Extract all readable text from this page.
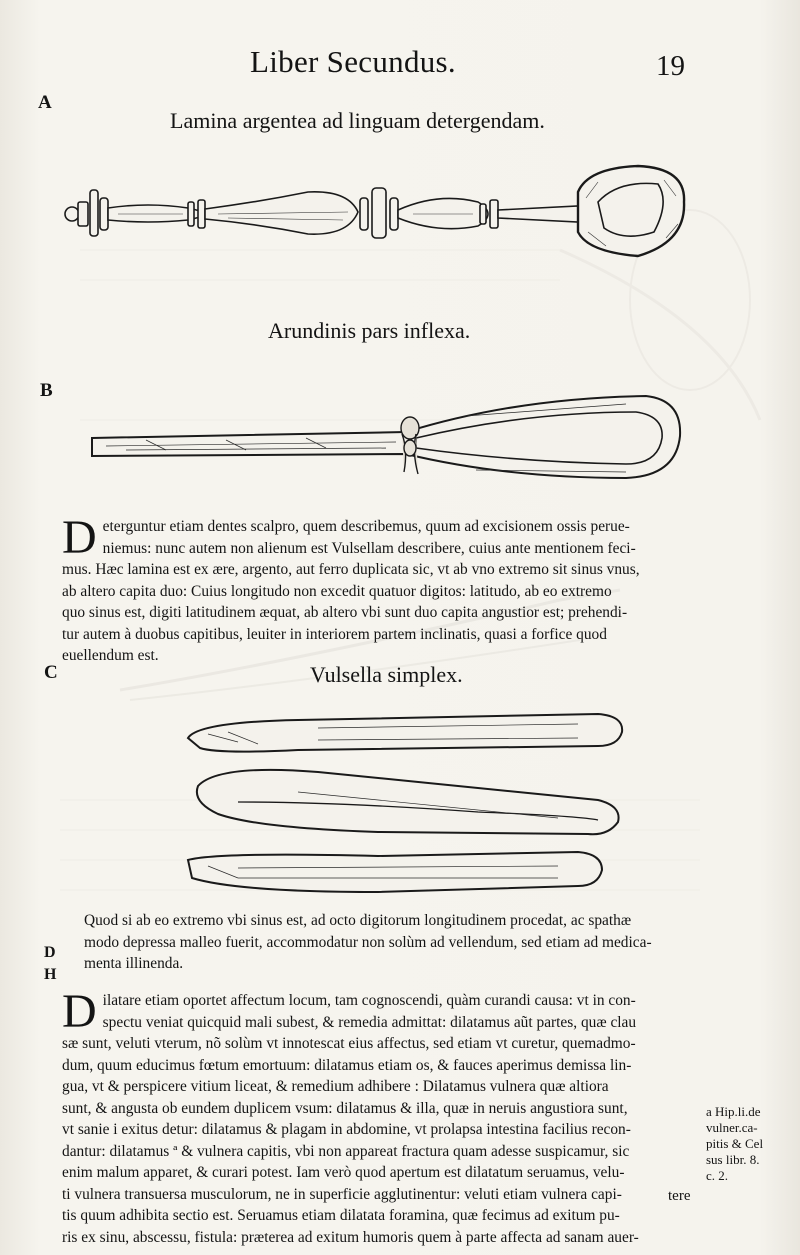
Liber Secundus.	19
A
Lamina argentea ad linguam detergendam.
Arundinis pars inflexa.
B
D eterguntur etiam dentes scalpro, quem describemus, quum ad excisionem ossis perue-
niemus: nunc autem non alienum est Vulsellam describere, cuius ante mentionem feci-
mus. Hæc lamina est ex ære, argento, aut ferro duplicata sic, vt ab vno extremo sit sinus vnus,
ab altero capita duo: Cuius longitudo non excedit quatuor digitos: latitudo, ab eo extremo
quo sinus est, digiti latitudinem æquat, ab altero vbi sunt duo capita angustior est; prehendi-
tur autem à duobus capitibus, leuiter in interiorem partem inclinatis, quasi a forfice quod
euellendum est.
C	Vulsella simplex.
Quod si ab eo extremo vbi sinus est, ad octo digitorum longitudinem procedat, ac spathæ
modo depressa malleo fuerit, accommodatur non solùm ad vellendum, sed etiam ad medica-
menta illinenda.
D
H
D ilatare etiam oportet affectum locum, tam cognoscendi, quàm curandi causa: vt in con-
spectu veniat quicquid mali subest, & remedia admittat: dilatamus aũt partes, quæ clau
sæ sunt, veluti vterum, nõ solùm vt innotescat eius affectus, sed etiam vt curetur, quemadmo-
dum, quum educimus fœtum emortuum: dilatamus etiam os, & fauces aperimus demissa lin-
gua, vt & perspicere vitium liceat, & remedium adhibere : Dilatamus vulnera quæ altiora
sunt, & angusta ob eundem duplicem vsum: dilatamus & illa, quæ in neruis angustiora sunt,
vt sanie i exitus detur: dilatamus & plagam in abdomine, vt prolapsa intestina facilius recon-
dantur: dilatamus ª & vulnera capitis, vbi non appareat fractura quam adesse suspicamur, sic
enim malum apparet, & curari potest. Iam verò quod apertum est dilatatum seruamus, velu-
ti vulnera transuersa musculorum, ne in superficie agglutinentur: veluti etiam vulnera capi-
tis quum adhibita sectio est. Seruamus etiam dilatata foramina, quæ fecimus ad exitum pu-
ris ex sinu, abscessu, fistula: præterea ad exitum humoris quem à parte affecta ad sanam auer-
a Hip.li.de
vulner.ca-
pitis & Cel
sus libr. 8.
c. 2.
tere
